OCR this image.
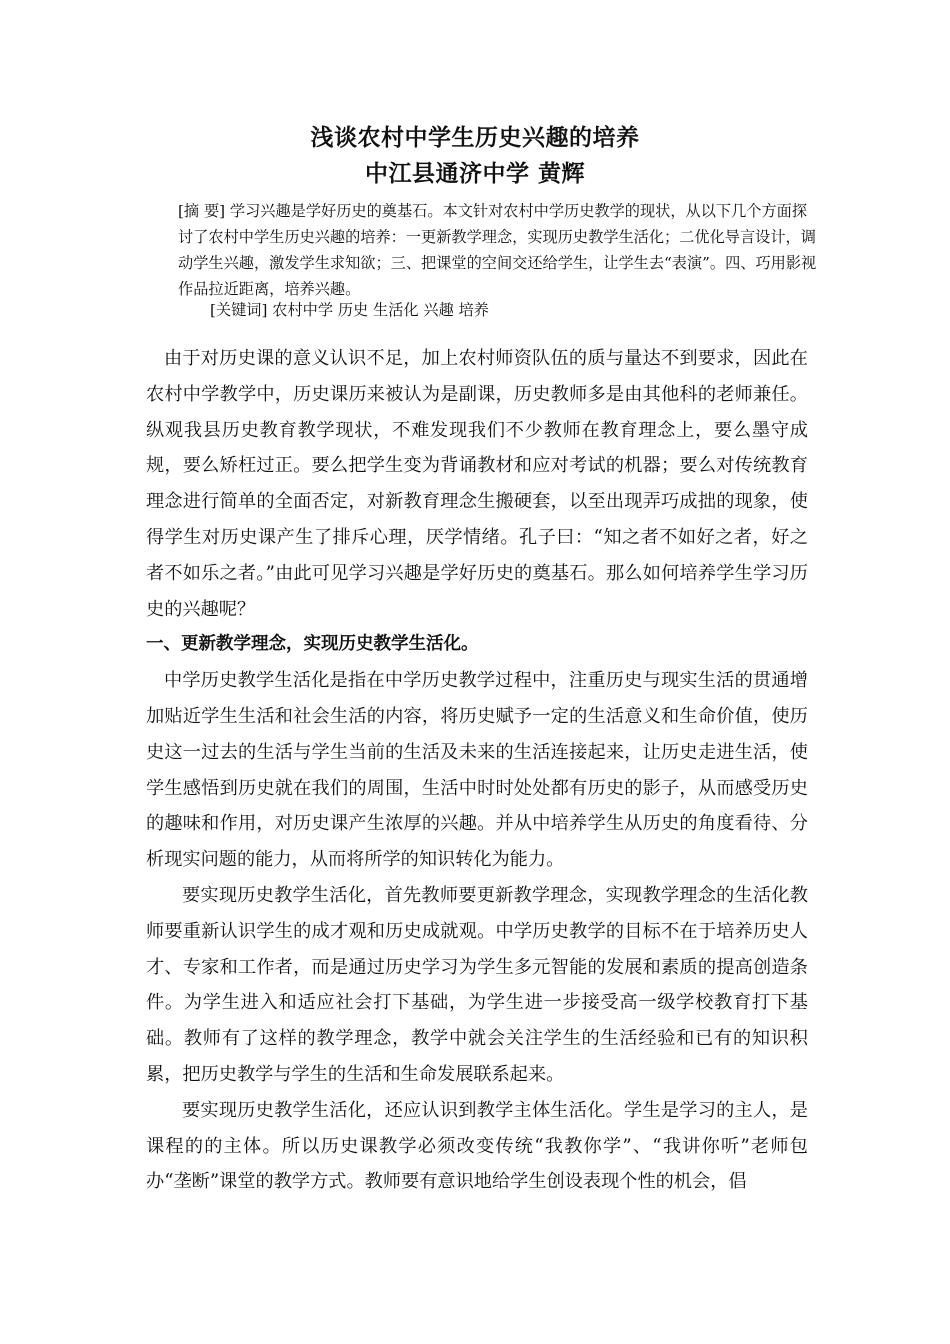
浅谈农村中学生历史兴趣的培养
中江县通济中学 黄辉

[摘 要] 学习兴趣是学好历史的奠基石。本文针对农村中学历史教学的现状，从以下几个方面探讨了农村中学生历史兴趣的培养：一更新教学理念，实现历史教学生活化；二优化导言设计，调动学生兴趣，激发学生求知欲；三、把课堂的空间交还给学生，让学生去“表演”。四、巧用影视作品拉近距离，培养兴趣。

[关键词] 农村中学 历史 生活化 兴趣 培养

由于对历史课的意义认识不足，加上农村师资队伍的质与量达不到要求，因此在农村中学教学中，历史课历来被认为是副课，历史教师多是由其他科的老师兼任。纵观我县历史教育教学现状，不难发现我们不少教师在教育理念上，要么墨守成规，要么矫枉过正。要么把学生变为背诵教材和应对考试的机器；要么对传统教育理念进行简单的全面否定，对新教育理念生搬硬套，以至出现弄巧成拙的现象，使得学生对历史课产生了排斥心理，厌学情绪。孔子曰：“知之者不如好之者，好之者不如乐之者。”由此可见学习兴趣是学好历史的奠基石。那么如何培养学生学习历史的兴趣呢？

一、更新教学理念，实现历史教学生活化。

中学历史教学生活化是指在中学历史教学过程中，注重历史与现实生活的贯通增加贴近学生生活和社会生活的内容，将历史赋予一定的生活意义和生命价值，使历史这一过去的生活与学生当前的生活及未来的生活连接起来，让历史走进生活，使学生感悟到历史就在我们的周围，生活中时时处处都有历史的影子，从而感受历史的趣味和作用，对历史课产生浓厚的兴趣。并从中培养学生从历史的角度看待、分析现实问题的能力，从而将所学的知识转化为能力。

要实现历史教学生活化，首先教师要更新教学理念，实现教学理念的生活化教师要重新认识学生的成才观和历史成就观。中学历史教学的目标不在于培养历史人才、专家和工作者，而是通过历史学习为学生多元智能的发展和素质的提高创造条件。为学生进入和适应社会打下基础，为学生进一步接受高一级学校教育打下基础。教师有了这样的教学理念，教学中就会关注学生的生活经验和已有的知识积累，把历史教学与学生的生活和生命发展联系起来。

要实现历史教学生活化，还应认识到教学主体生活化。学生是学习的主人，是课程的的主体。所以历史课教学必须改变传统“我教你学”、“我讲你听”老师包办“垄断”课堂的教学方式。教师要有意识地给学生创设表现个性的机会，倡
